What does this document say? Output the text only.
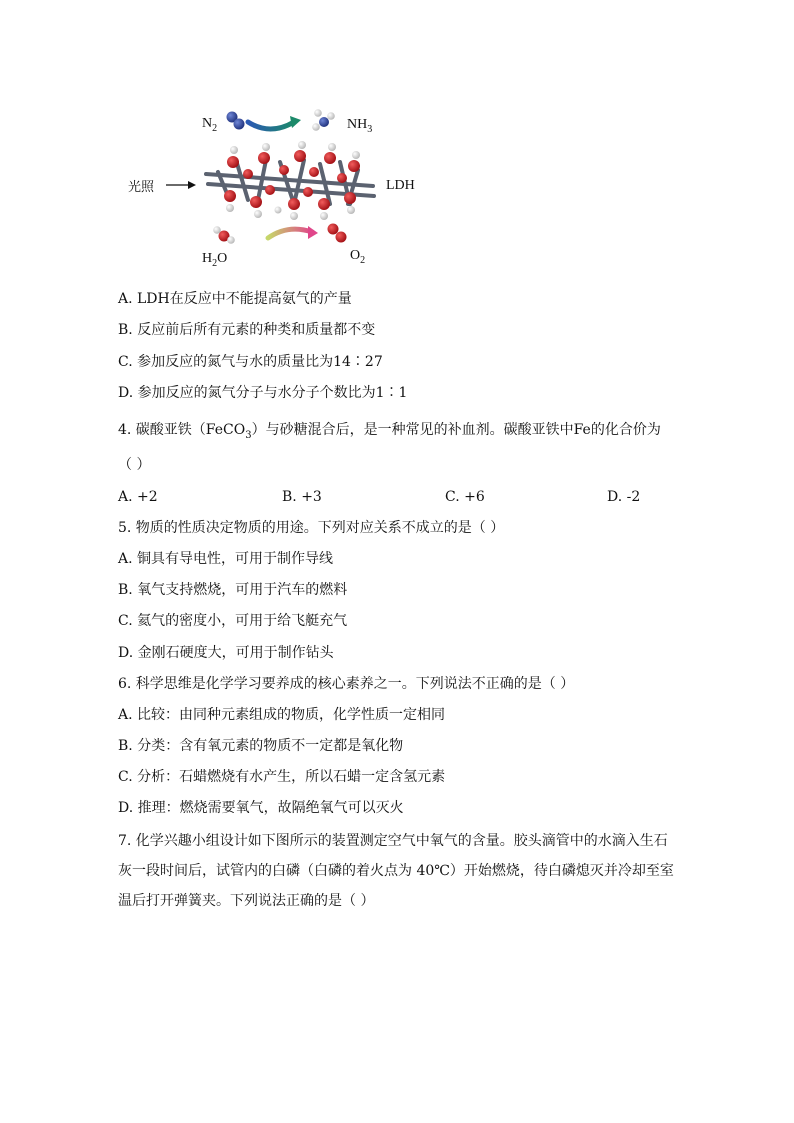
$N_2$	$NH_3$
光照	LDH
$H_2O$	$O_2$
A. LDH在反应中不能提高氨气的产量
B. 反应前后所有元素的种类和质量都不变
C. 参加反应的氮气与水的质量比为14∶27
D. 参加反应的氮气分子与水分子个数比为1∶1
4. 碳酸亚铁（FeCO$_3$）与砂糖混合后，是一种常见的补血剂。碳酸亚铁中Fe的化合价为
（ ）
A. +2	B. +3	C. +6	D. -2
5. 物质的性质决定物质的用途。下列对应关系不成立的是（ ）
A. 铜具有导电性，可用于制作导线
B. 氧气支持燃烧，可用于汽车的燃料
C. 氦气的密度小，可用于给飞艇充气
D. 金刚石硬度大，可用于制作钻头
6. 科学思维是化学学习要养成的核心素养之一。下列说法不正确的是（ ）
A. 比较：由同种元素组成的物质，化学性质一定相同
B. 分类：含有氧元素的物质不一定都是氧化物
C. 分析：石蜡燃烧有水产生，所以石蜡一定含氢元素
D. 推理：燃烧需要氧气，故隔绝氧气可以灭火
7. 化学兴趣小组设计如下图所示的装置测定空气中氧气的含量。胶头滴管中的水滴入生石
灰一段时间后，试管内的白磷（白磷的着火点为 40℃）开始燃烧，待白磷熄灭并冷却至室
温后打开弹簧夹。下列说法正确的是（ ）
